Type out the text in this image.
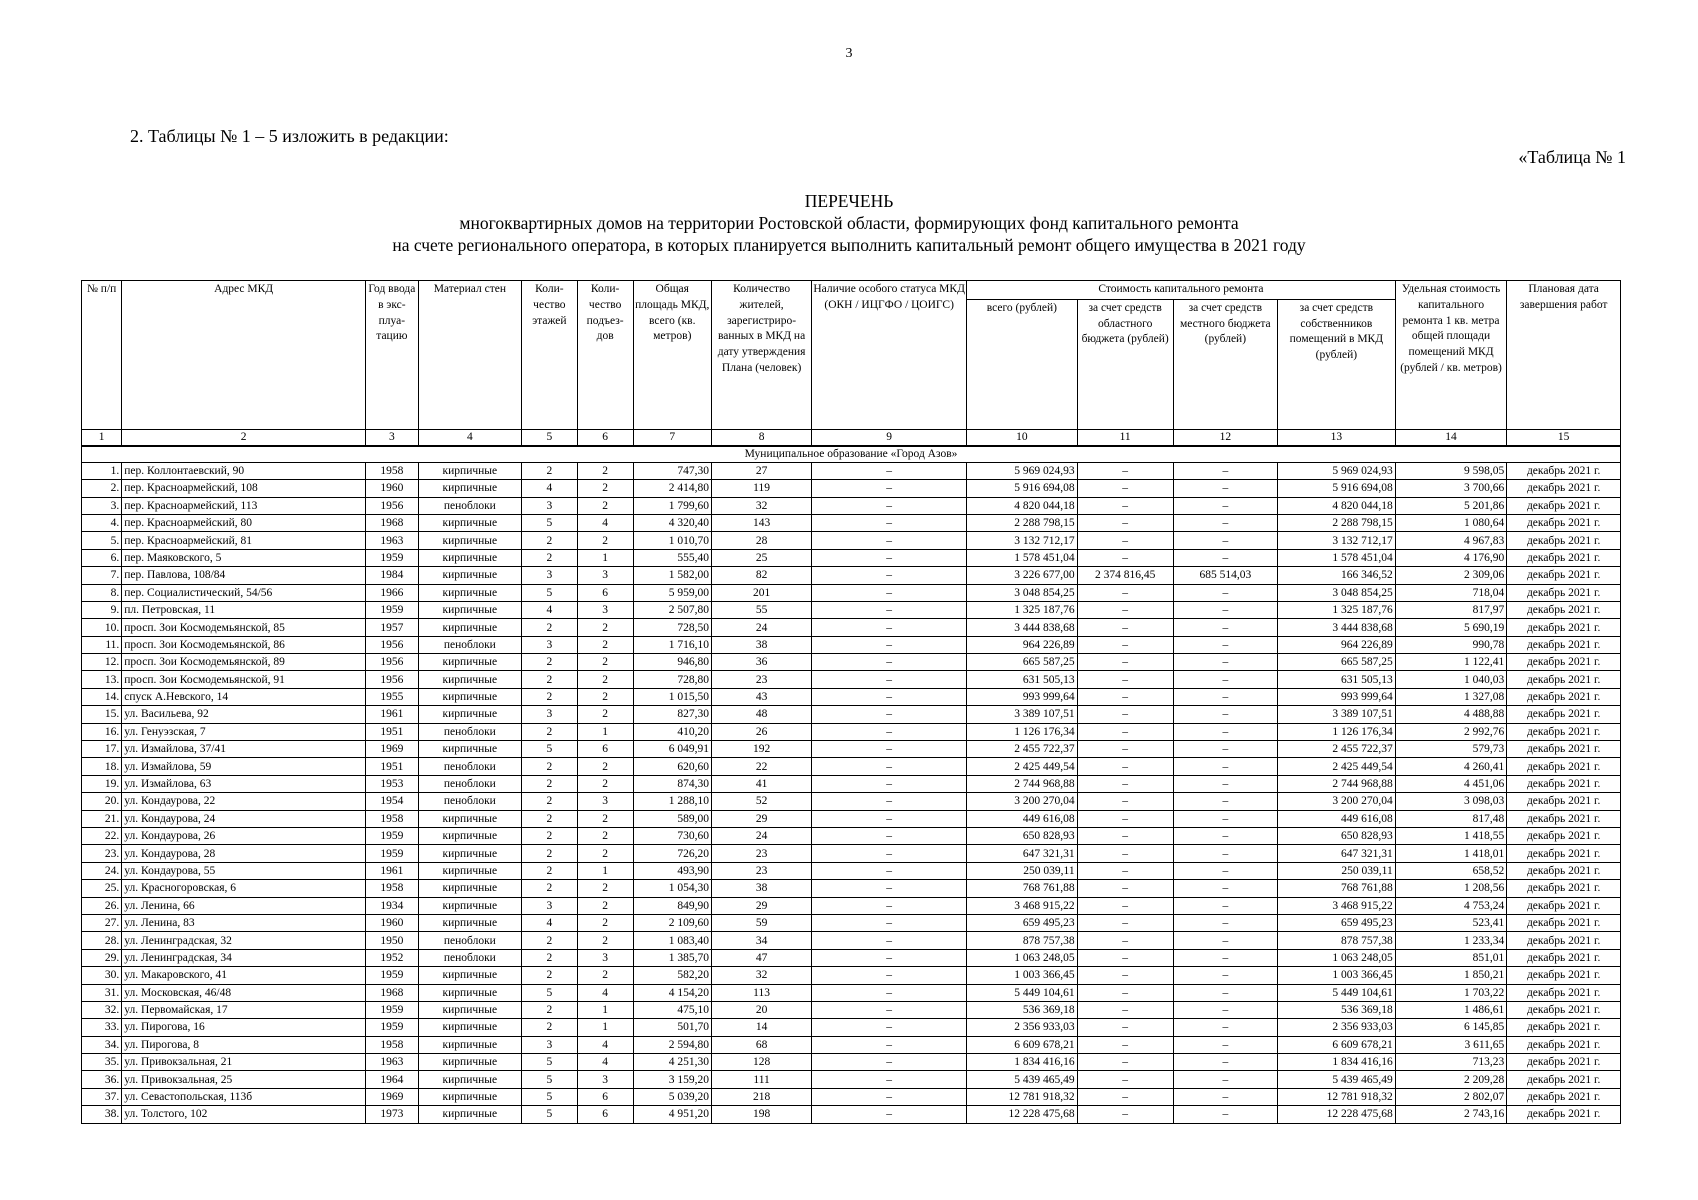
3
2. Таблицы № 1 – 5 изложить в редакции:
«Таблица № 1
ПЕРЕЧЕНЬ
многоквартирных домов на территории Ростовской области, формирующих фонд капитального ремонта
на счете регионального оператора, в которых планируется выполнить капитальный ремонт общего имущества в 2021 году
№ п/п	Адрес МКД	Год ввода в экс-плуа-тацию	Материал стен	Коли-чество этажей	Коли-чество подъез-дов	Общая площадь МКД, всего (кв. метров)	Количество жителей, зарегистриро-ванных в МКД на дату утверждения Плана (человек)	Наличие особого статуса МКД (ОКН / ИЦГФО / ЦОИГС)	Стоимость капитального ремонта				Удельная стоимость капитального ремонта 1 кв. метра общей площади помещений МКД (рублей / кв. метров)	Плановая дата завершения работ
									всего (рублей)	за счет средств областного бюджета (рублей)	за счет средств местного бюджета (рублей)	за счет средств собственников помещений в МКД (рублей)		
1	2	3	4	5	6	7	8	9	10	11	12	13	14	15
Муниципальное образование «Город Азов»														
1.	пер. Коллонтаевский, 90	1958	кирпичные	2	2	747,30	27	–	5 969 024,93	–	–	5 969 024,93	9 598,05	декабрь 2021 г.
2.	пер. Красноармейский, 108	1960	кирпичные	4	2	2 414,80	119	–	5 916 694,08	–	–	5 916 694,08	3 700,66	декабрь 2021 г.
3.	пер. Красноармейский, 113	1956	пеноблоки	3	2	1 799,60	32	–	4 820 044,18	–	–	4 820 044,18	5 201,86	декабрь 2021 г.
4.	пер. Красноармейский, 80	1968	кирпичные	5	4	4 320,40	143	–	2 288 798,15	–	–	2 288 798,15	1 080,64	декабрь 2021 г.
5.	пер. Красноармейский, 81	1963	кирпичные	2	2	1 010,70	28	–	3 132 712,17	–	–	3 132 712,17	4 967,83	декабрь 2021 г.
6.	пер. Маяковского, 5	1959	кирпичные	2	1	555,40	25	–	1 578 451,04	–	–	1 578 451,04	4 176,90	декабрь 2021 г.
7.	пер. Павлова, 108/84	1984	кирпичные	3	3	1 582,00	82	–	3 226 677,00	2 374 816,45	685 514,03	166 346,52	2 309,06	декабрь 2021 г.
8.	пер. Социалистический, 54/56	1966	кирпичные	5	6	5 959,00	201	–	3 048 854,25	–	–	3 048 854,25	718,04	декабрь 2021 г.
9.	пл. Петровская, 11	1959	кирпичные	4	3	2 507,80	55	–	1 325 187,76	–	–	1 325 187,76	817,97	декабрь 2021 г.
10.	просп. Зои Космодемьянской, 85	1957	кирпичные	2	2	728,50	24	–	3 444 838,68	–	–	3 444 838,68	5 690,19	декабрь 2021 г.
11.	просп. Зои Космодемьянской, 86	1956	пеноблоки	3	2	1 716,10	38	–	964 226,89	–	–	964 226,89	990,78	декабрь 2021 г.
12.	просп. Зои Космодемьянской, 89	1956	кирпичные	2	2	946,80	36	–	665 587,25	–	–	665 587,25	1 122,41	декабрь 2021 г.
13.	просп. Зои Космодемьянской, 91	1956	кирпичные	2	2	728,80	23	–	631 505,13	–	–	631 505,13	1 040,03	декабрь 2021 г.
14.	спуск А.Невского, 14	1955	кирпичные	2	2	1 015,50	43	–	993 999,64	–	–	993 999,64	1 327,08	декабрь 2021 г.
15.	ул. Васильева, 92	1961	кирпичные	3	2	827,30	48	–	3 389 107,51	–	–	3 389 107,51	4 488,88	декабрь 2021 г.
16.	ул. Генуэзская, 7	1951	пеноблоки	2	1	410,20	26	–	1 126 176,34	–	–	1 126 176,34	2 992,76	декабрь 2021 г.
17.	ул. Измайлова, 37/41	1969	кирпичные	5	6	6 049,91	192	–	2 455 722,37	–	–	2 455 722,37	579,73	декабрь 2021 г.
18.	ул. Измайлова, 59	1951	пеноблоки	2	2	620,60	22	–	2 425 449,54	–	–	2 425 449,54	4 260,41	декабрь 2021 г.
19.	ул. Измайлова, 63	1953	пеноблоки	2	2	874,30	41	–	2 744 968,88	–	–	2 744 968,88	4 451,06	декабрь 2021 г.
20.	ул. Кондаурова, 22	1954	пеноблоки	2	3	1 288,10	52	–	3 200 270,04	–	–	3 200 270,04	3 098,03	декабрь 2021 г.
21.	ул. Кондаурова, 24	1958	кирпичные	2	2	589,00	29	–	449 616,08	–	–	449 616,08	817,48	декабрь 2021 г.
22.	ул. Кондаурова, 26	1959	кирпичные	2	2	730,60	24	–	650 828,93	–	–	650 828,93	1 418,55	декабрь 2021 г.
23.	ул. Кондаурова, 28	1959	кирпичные	2	2	726,20	23	–	647 321,31	–	–	647 321,31	1 418,01	декабрь 2021 г.
24.	ул. Кондаурова, 55	1961	кирпичные	2	1	493,90	23	–	250 039,11	–	–	250 039,11	658,52	декабрь 2021 г.
25.	ул. Красногоровская, 6	1958	кирпичные	2	2	1 054,30	38	–	768 761,88	–	–	768 761,88	1 208,56	декабрь 2021 г.
26.	ул. Ленина, 66	1934	кирпичные	3	2	849,90	29	–	3 468 915,22	–	–	3 468 915,22	4 753,24	декабрь 2021 г.
27.	ул. Ленина, 83	1960	кирпичные	4	2	2 109,60	59	–	659 495,23	–	–	659 495,23	523,41	декабрь 2021 г.
28.	ул. Ленинградская, 32	1950	пеноблоки	2	2	1 083,40	34	–	878 757,38	–	–	878 757,38	1 233,34	декабрь 2021 г.
29.	ул. Ленинградская, 34	1952	пеноблоки	2	3	1 385,70	47	–	1 063 248,05	–	–	1 063 248,05	851,01	декабрь 2021 г.
30.	ул. Макаровского, 41	1959	кирпичные	2	2	582,20	32	–	1 003 366,45	–	–	1 003 366,45	1 850,21	декабрь 2021 г.
31.	ул. Московская, 46/48	1968	кирпичные	5	4	4 154,20	113	–	5 449 104,61	–	–	5 449 104,61	1 703,22	декабрь 2021 г.
32.	ул. Первомайская, 17	1959	кирпичные	2	1	475,10	20	–	536 369,18	–	–	536 369,18	1 486,61	декабрь 2021 г.
33.	ул. Пирогова, 16	1959	кирпичные	2	1	501,70	14	–	2 356 933,03	–	–	2 356 933,03	6 145,85	декабрь 2021 г.
34.	ул. Пирогова, 8	1958	кирпичные	3	4	2 594,80	68	–	6 609 678,21	–	–	6 609 678,21	3 611,65	декабрь 2021 г.
35.	ул. Привокзальная, 21	1963	кирпичные	5	4	4 251,30	128	–	1 834 416,16	–	–	1 834 416,16	713,23	декабрь 2021 г.
36.	ул. Привокзальная, 25	1964	кирпичные	5	3	3 159,20	111	–	5 439 465,49	–	–	5 439 465,49	2 209,28	декабрь 2021 г.
37.	ул. Севастопольская, 113б	1969	кирпичные	5	6	5 039,20	218	–	12 781 918,32	–	–	12 781 918,32	2 802,07	декабрь 2021 г.
38.	ул. Толстого, 102	1973	кирпичные	5	6	4 951,20	198	–	12 228 475,68	–	–	12 228 475,68	2 743,16	декабрь 2021 г.
